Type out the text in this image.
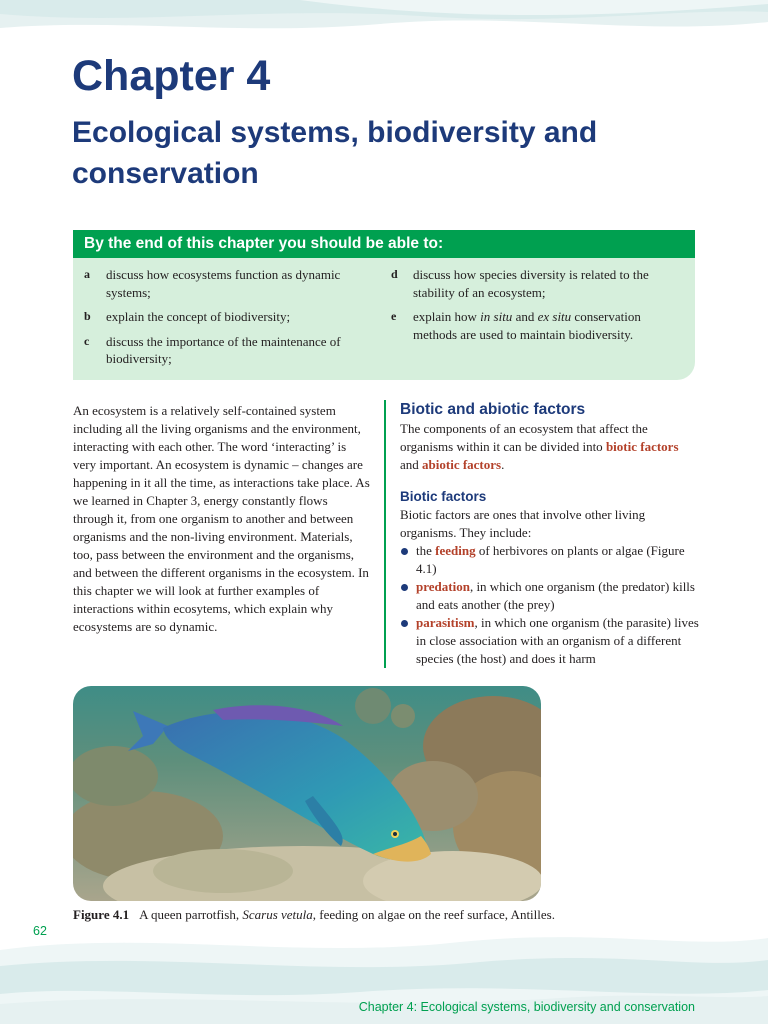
Chapter 4

Ecological systems, biodiversity and conservation
By the end of this chapter you should be able to:
a	discuss how ecosystems function as dynamic systems;
b	explain the concept of biodiversity;
c	discuss the importance of the maintenance of biodiversity;
d	discuss how species diversity is related to the stability of an ecosystem;
e	explain how in situ and ex situ conservation methods are used to maintain biodiversity.

An ecosystem is a relatively self-contained system including all the living organisms and the environment, interacting with each other. The word ‘interacting’ is very important. An ecosystem is dynamic – changes are happening in it all the time, as interactions take place. As we learned in Chapter 3, energy constantly flows through it, from one organism to another and between organisms and the non-living environment. Materials, too, pass between the environment and the organisms, and between the different organisms in the ecosystem. In this chapter we will look at further examples of interactions within ecosytems, which explain why ecosystems are so dynamic.

Biotic and abiotic factors

The components of an ecosystem that affect the organisms within it can be divided into biotic factors and abiotic factors.

Biotic factors

Biotic factors are ones that involve other living organisms. They include:

the feeding of herbivores on plants or algae (Figure 4.1)
predation, in which one organism (the predator) kills and eats another (the prey)
parasitism, in which one organism (the parasite) lives in close association with an organism of a different species (the host) and does it harm

Figure 4.1 A queen parrotfish, Scarus vetula, feeding on algae on the reef surface, Antilles.

62

Chapter 4: Ecological systems, biodiversity and conservation
